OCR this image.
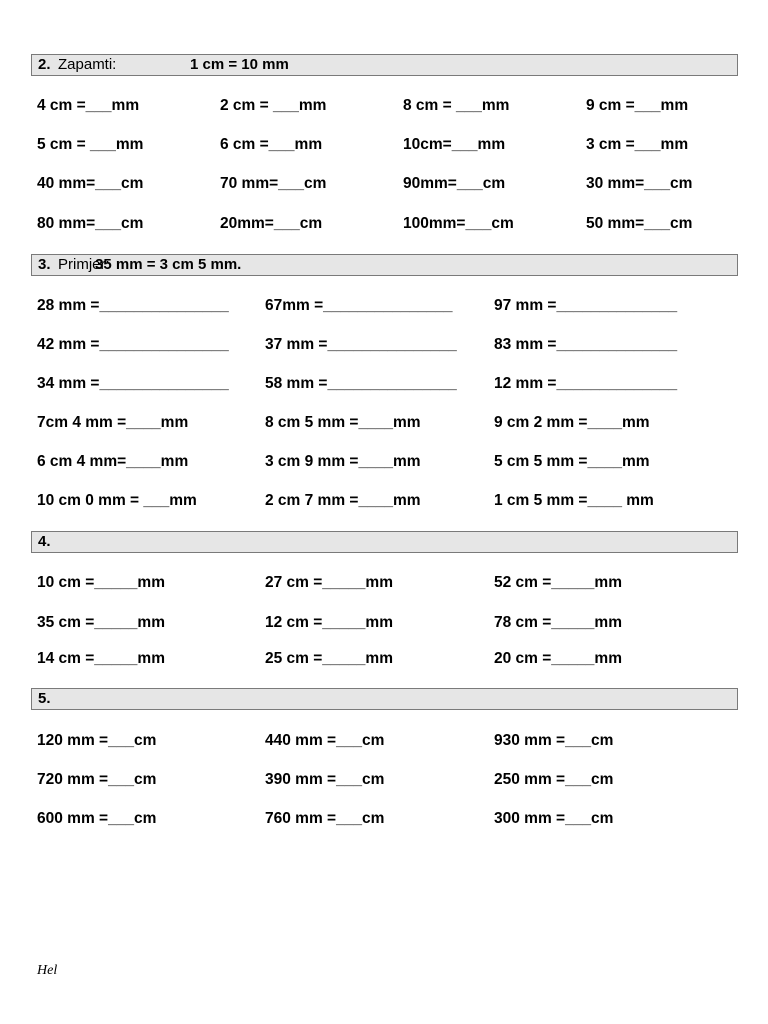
2. Zapamti:	1 cm = 10 mm
4 cm =___mm	2 cm = ___mm	8 cm = ___mm	9 cm =___mm
5 cm = ___mm	6 cm =___mm	10cm=___mm	3 cm =___mm
40 mm=___cm	70 mm=___cm	90mm=___cm	30 mm=___cm
80 mm=___cm	20mm=___cm	100mm=___cm	50 mm=___cm
3. Primjer:
35 mm = 3 cm 5 mm.
28 mm =_______________ 67mm =_______________	97 mm =______________
42 mm =_______________ 37 mm =_______________ 83 mm =______________
34 mm =_______________ 58 mm =_______________ 12 mm =______________
7cm 4 mm =____mm	8 cm 5 mm =____mm	9 cm 2 mm =____mm
6 cm 4 mm=____mm	3 cm 9 mm =____mm	5 cm 5 mm =____mm
10 cm 0 mm = ___mm	2 cm 7 mm =____mm	1 cm 5 mm =____ mm
4.
10 cm =_____mm	27 cm =_____mm	52 cm =_____mm
35 cm =_____mm	12 cm =_____mm	78 cm =_____mm
14 cm =_____mm	25 cm =_____mm	20 cm =_____mm
5.
120 mm =___cm	440 mm =___cm	930 mm =___cm
720 mm =___cm	390 mm =___cm	250 mm =___cm
600 mm =___cm	760 mm =___cm	300 mm =___cm
Hel
